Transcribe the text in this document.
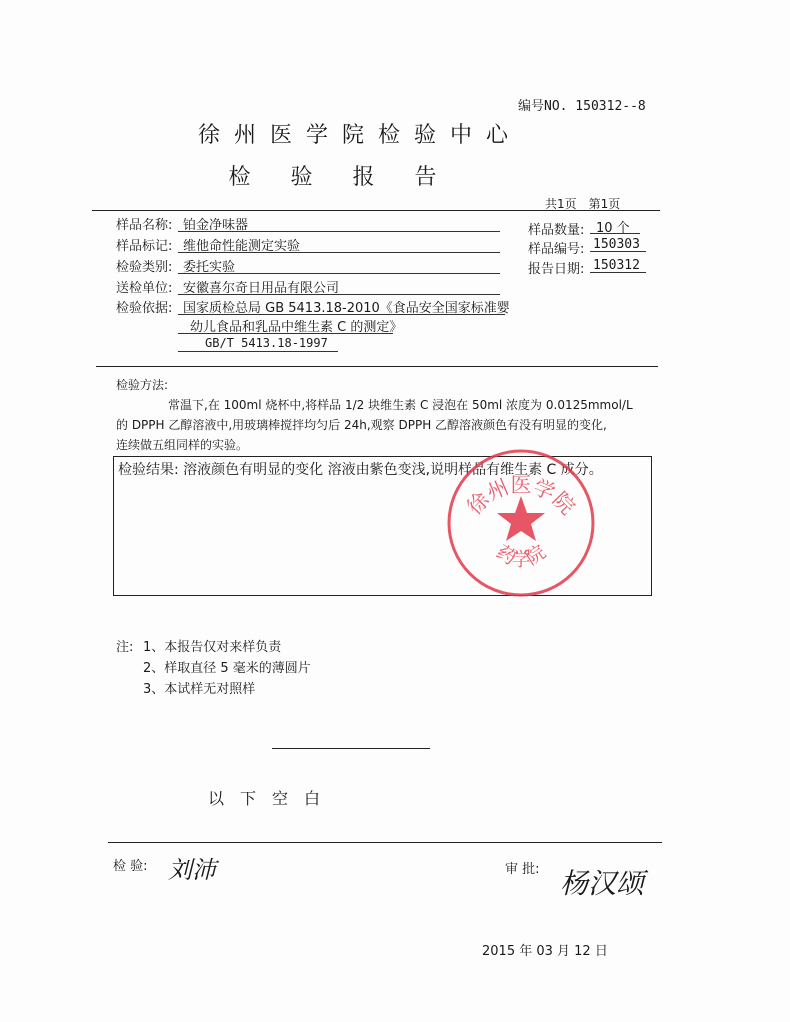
编号NO. 150312--8
徐州医学院检验中心
检验报告
共1页　第1页
样品名称: 铂金净味器
样品标记: 维他命性能测定实验
检验类别: 委托实验
送检单位: 安徽喜尔奇日用品有限公司
检验依据: 国家质检总局 GB 5413.18-2010《食品安全国家标准婴
幼儿食品和乳品中维生素 C 的测定》
GB/T 5413.18-1997
样品数量: 10 个
样品编号: 150303
报告日期: 150312
检验方法:
常温下,在 100ml 烧杯中,将样品 1/2 块维生素 C 浸泡在 50ml 浓度为 0.0125mmol/L
的 DPPH 乙醇溶液中,用玻璃棒搅拌均匀后 24h,观察 DPPH 乙醇溶液颜色有没有明显的变化,
连续做五组同样的实验。
检验结果: 溶液颜色有明显的变化 溶液由紫色变浅,说明样品有维生素 C 成分。
徐州医学院
药学院
注: 1、本报告仅对来样负责
2、样取直径 5 毫米的薄圆片
3、本试样无对照样
以　下　空　白
检 验: 刘沛	审 批: 杨汉颂
2015 年 03 月 12 日
